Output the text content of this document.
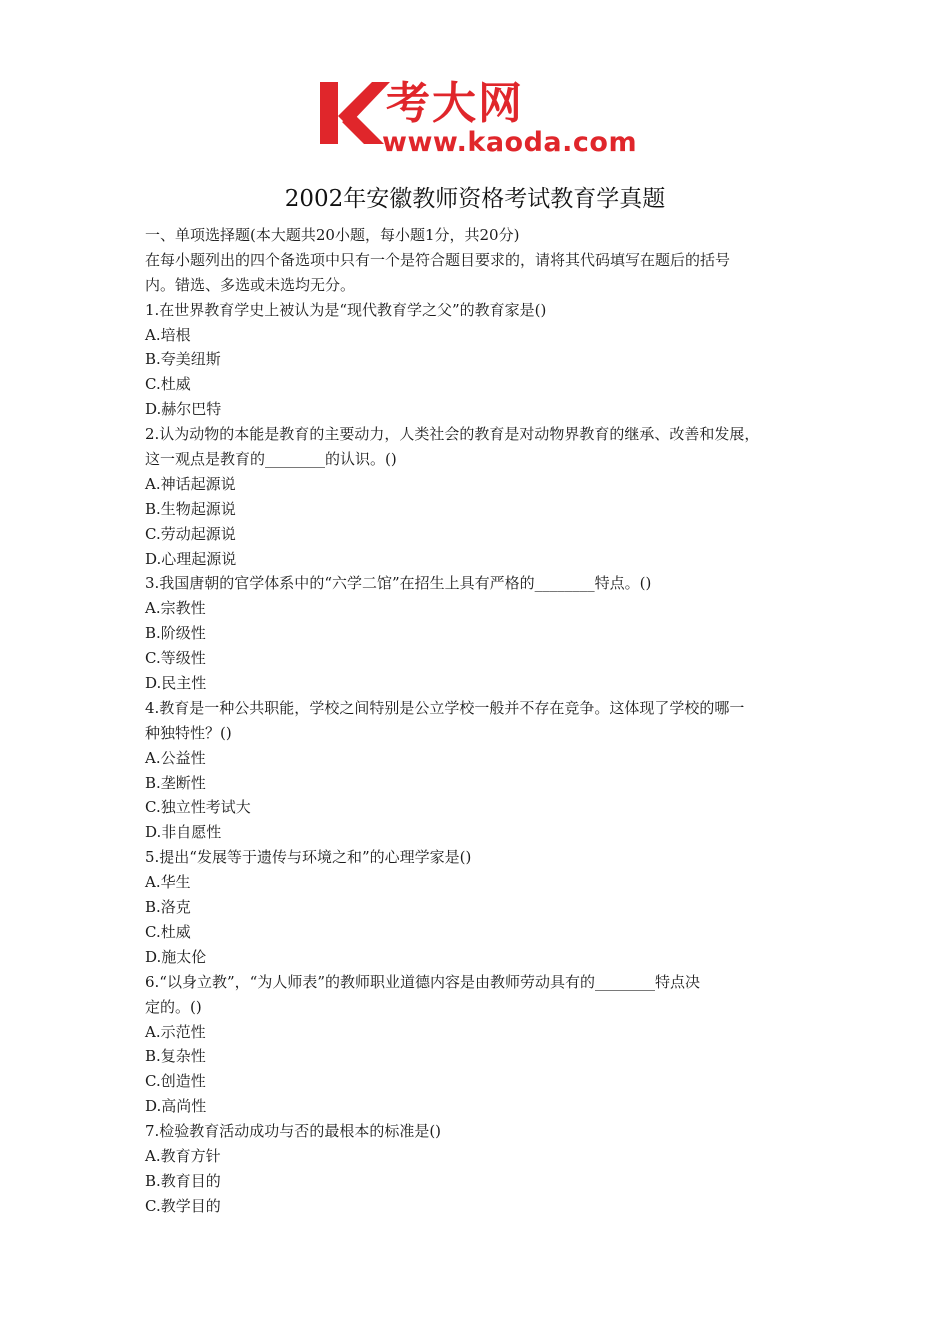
考大网
www.kaoda.com
2002年安徽教师资格考试教育学真题
一、单项选择题(本大题共20小题，每小题1分，共20分)
在每小题列出的四个备选项中只有一个是符合题目要求的，请将其代码填写在题后的括号
内。错选、多选或未选均无分。
1.在世界教育学史上被认为是“现代教育学之父”的教育家是()
A.培根
B.夸美纽斯
C.杜威
D.赫尔巴特
2.认为动物的本能是教育的主要动力，人类社会的教育是对动物界教育的继承、改善和发展，
这一观点是教育的________的认识。()
A.神话起源说
B.生物起源说
C.劳动起源说
D.心理起源说
3.我国唐朝的官学体系中的“六学二馆”在招生上具有严格的________特点。()
A.宗教性
B.阶级性
C.等级性
D.民主性
4.教育是一种公共职能，学校之间特别是公立学校一般并不存在竞争。这体现了学校的哪一
种独特性？()
A.公益性
B.垄断性
C.独立性考试大
D.非自愿性
5.提出“发展等于遗传与环境之和”的心理学家是()
A.华生
B.洛克
C.杜威
D.施太伦
6.“以身立教”，“为人师表”的教师职业道德内容是由教师劳动具有的________特点决
定的。()
A.示范性
B.复杂性
C.创造性
D.高尚性
7.检验教育活动成功与否的最根本的标准是()
A.教育方针
B.教育目的
C.教学目的
